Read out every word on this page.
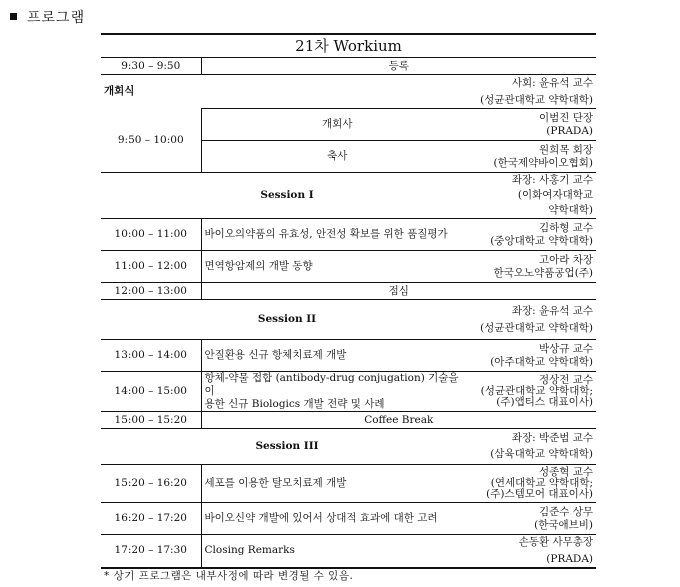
프로그램
21차 Workium		
9:30 – 9:50	등록	
개회식		사회: 윤유석 교수
(성균관대학교 약학대학)

9:50 – 10:00	개회사	이범진 단장
(PRADA)

	축사	원희목 회장
(한국제약바이오협회)

Session I		좌장: 사홍기 교수
(이화여자대학교
약학대학)

10:00 – 11:00	바이오의약품의 유효성, 안전성 확보를 위한 품질평가	김하형 교수
(중앙대학교 약학대학)

11:00 – 12:00	면역항암제의 개발 동향	고아라 차장
한국오노약품공업(주)

12:00 – 13:00	점심	
Session II		좌장: 윤유석 교수
(성균관대학교 약학대학)

13:00 – 14:00	안질환용 신규 항체치료제 개발	박상규 교수
(아주대학교 약학대학)

14:00 – 15:00	항체-약물 접합 (antibody-drug conjugation) 기술을 이
용한 신규 Biologics 개발 전략 및 사례	정상전 교수
(성균관대학교 약학대학;
(주)앱티스 대표이사)

15:00 – 15:20	Coffee Break	
Session III		좌장: 박준범 교수
(삼육대학교 약학대학)

15:20 – 16:20	세포를 이용한 탈모치료제 개발	성종혁 교수
(연세대학교 약학대학;
(주)스템모어 대표이사)

16:20 – 17:20	바이오신약 개발에 있어서 상대적 효과에 대한 고려	김준수 상무
(한국애브비)

17:20 – 17:30	Closing Remarks	손동환 사무총장
(PRADA)
* 상기 프로그램은 내부사정에 따라 변경될 수 있음.
